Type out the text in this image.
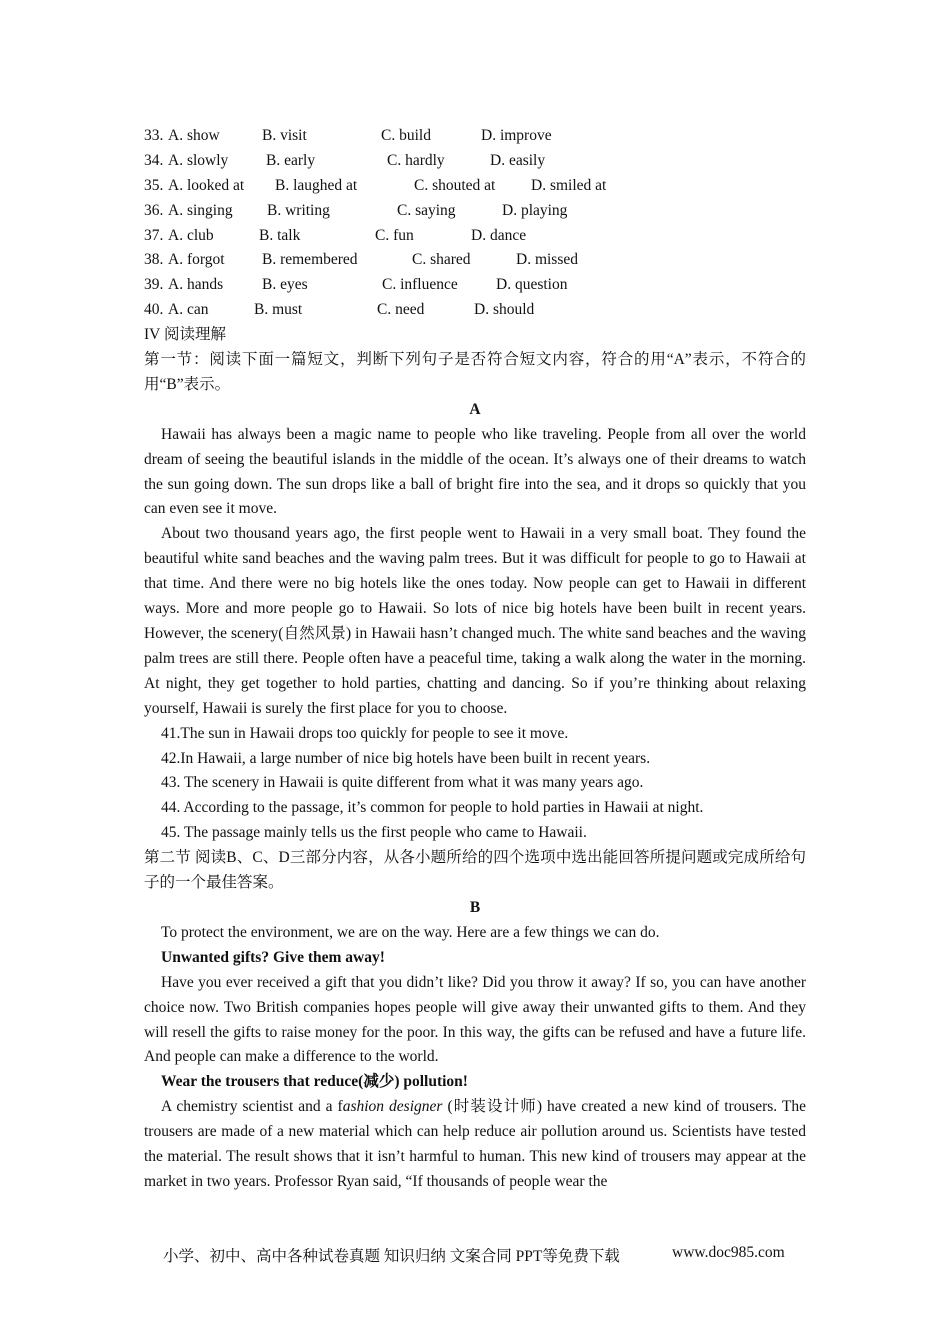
33. A. show	B. visit	C. build	D. improve
34. A. slowly B. early	C. hardly	D. easily
35. A. looked at B. laughed at	C. shouted at D. smiled at
36. A. singing B. writing	C. saying	D. playing
37. A. club	B. talk	C. fun	D. dance
38. A. forgot B. remembered	C. shared	D. missed
39. A. hands	B. eyes	C. influence D. question
40. A. can	B. must	C. need	D. should
IV 阅读理解
第一节：阅读下面一篇短文，判断下列句子是否符合短文内容，符合的用“A”表示，不符合的用“B”表示。
A
Hawaii has always been a magic name to people who like traveling. People from all over the world dream of seeing the beautiful islands in the middle of the ocean. It’s always one of their dreams to watch the sun going down. The sun drops like a ball of bright fire into the sea, and it drops so quickly that you can even see it move.
About two thousand years ago, the first people went to Hawaii in a very small boat. They found the beautiful white sand beaches and the waving palm trees. But it was difficult for people to go to Hawaii at that time. And there were no big hotels like the ones today. Now people can get to Hawaii in different ways. More and more people go to Hawaii. So lots of nice big hotels have been built in recent years. However, the scenery(自然风景) in Hawaii hasn’t changed much. The white sand beaches and the waving palm trees are still there. People often have a peaceful time, taking a walk along the water in the morning. At night, they get together to hold parties, chatting and dancing. So if you’re thinking about relaxing yourself, Hawaii is surely the first place for you to choose.
41.The sun in Hawaii drops too quickly for people to see it move.
42.In Hawaii, a large number of nice big hotels have been built in recent years.
43. The scenery in Hawaii is quite different from what it was many years ago.
44. According to the passage, it’s common for people to hold parties in Hawaii at night.
45. The passage mainly tells us the first people who came to Hawaii.
第二节 阅读B、C、D三部分内容，从各小题所给的四个选项中选出能回答所提问题或完成所给句子的一个最佳答案。
B
To protect the environment, we are on the way. Here are a few things we can do.
Unwanted gifts? Give them away!
Have you ever received a gift that you didn’t like? Did you throw it away? If so, you can have another choice now. Two British companies hopes people will give away their unwanted gifts to them. And they will resell the gifts to raise money for the poor. In this way, the gifts can be refused and have a future life. And people can make a difference to the world.
Wear the trousers that reduce(减少) pollution!
A chemistry scientist and a fashion designer (时装设计师) have created a new kind of trousers. The trousers are made of a new material which can help reduce air pollution around us. Scientists have tested the material. The result shows that it isn’t harmful to human. This new kind of trousers may appear at the market in two years. Professor Ryan said, “If thousands of people wear the
小学、初中、高中各种试卷真题 知识归纳 文案合同 PPT等免费下载	www.doc985.com
